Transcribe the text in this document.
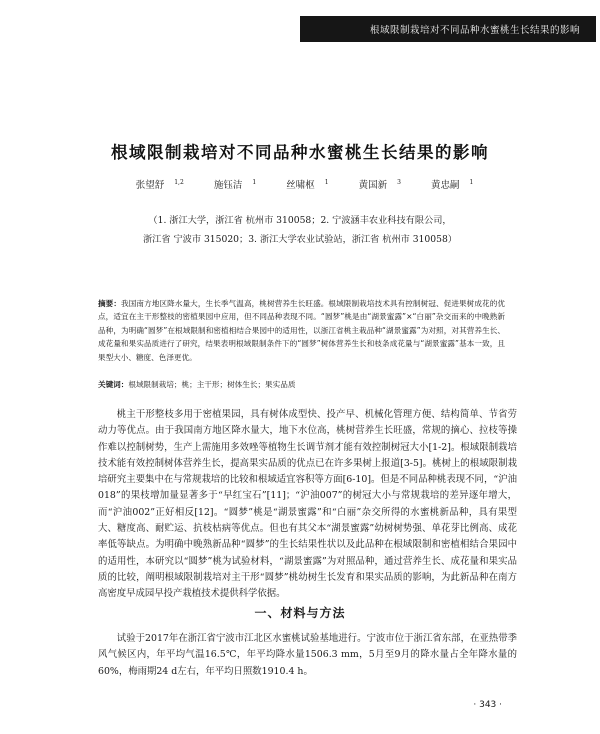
根域限制栽培对不同品种水蜜桃生长结果的影响
根域限制栽培对不同品种水蜜桃生长结果的影响
张望舒 $^{1,2}$	施钰洁 $^1$	丝啸枢 $^1$	黄国新 $^3$	黄忠嗣 $^1$
（1. 浙江大学，浙江省 杭州市 310058；2. 宁波涵丰农业科技有限公司，
浙江省 宁波市 315020；3. 浙江大学农业试验站，浙江省 杭州市 310058）
摘要：我国南方地区降水量大，生长季气温高，桃树营养生长旺盛。根域限制栽培技术具有控制树冠、促进果树成花的优点，适宜在主干形整枝的密植果园中应用，但不同品种表现不同。“圆梦”桃是由“湖景蜜露”×“白丽”杂交而来的中晚熟新品种，为明确“圆梦”在根域限制和密植相结合果园中的适用性，以浙江省桃主栽品种“湖景蜜露”为对照，对其营养生长、成花量和果实品质进行了研究，结果表明根域限制条件下的“圆梦”树体营养生长和枝条成花量与“湖景蜜露”基本一致，且果型大小、糖度、色泽更优。
关键词：根域限制栽培；桃；主干形；树体生长；果实品质

桃主干形整枝多用于密植果园，具有树体成型快、投产早、机械化管理方便、结构简单、节省劳动力等优点。由于我国南方地区降水量大，地下水位高，桃树营养生长旺盛，常规的摘心、拉枝等操作难以控制树势，生产上需施用多效唑等植物生长调节剂才能有效控制树冠大小[1-2]。根域限制栽培技术能有效控制树体营养生长，提高果实品质的优点已在许多果树上报道[3-5]。桃树上的根域限制栽培研究主要集中在与常规栽培的比较和根域适宜容积等方面[6-10]。但是不同品种桃表现不同，“沪油018”的果枝增加量显著多于“早红宝石”[11]；“沪油007”的树冠大小与常规栽培的差异逐年增大，而“沪油002”正好相反[12]。“圆梦”桃是“湖景蜜露”和“白丽”杂交所得的水蜜桃新品种，具有果型大、糖度高、耐贮运、抗枝枯病等优点。但也有其父本“湖景蜜露”幼树树势强、单花芽比例高、成花率低等缺点。为明确中晚熟新品种“圆梦”的生长结果性状以及此品种在根域限制和密植相结合果园中的适用性，本研究以“圆梦”桃为试验材料，“湖景蜜露”为对照品种，通过营养生长、成花量和果实品质的比较，阐明根域限制栽培对主干形“圆梦”桃幼树生长发育和果实品质的影响，为此新品种在南方高密度早成园早投产栽植技术提供科学依据。

一、材料与方法

试验于2017年在浙江省宁波市江北区水蜜桃试验基地进行。宁波市位于浙江省东部，在亚热带季风气候区内，年平均气温16.5℃，年平均降水量1506.3 mm，5月至9月的降水量占全年降水量的60%，梅雨期24 d左右，年平均日照数1910.4 h。

· 343 ·
